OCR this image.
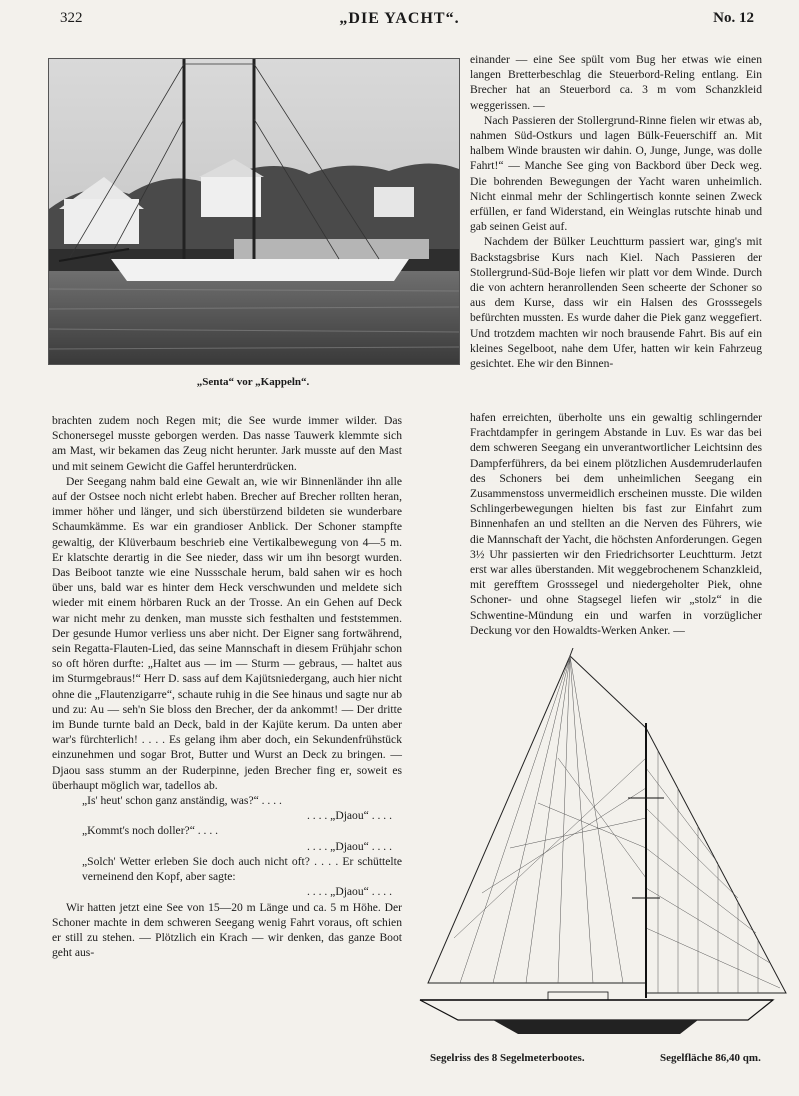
322	„DIE YACHT“.	No. 12
„Senta“ vor „Kappeln“.

brachten zudem noch Regen mit; die See wurde immer wilder. Das Schonersegel musste geborgen werden. Das nasse Tauwerk klemmte sich am Mast, wir bekamen das Zeug nicht herunter. Jark musste auf den Mast und mit seinem Gewicht die Gaffel herunterdrücken.

Der Seegang nahm bald eine Gewalt an, wie wir Binnenländer ihn alle auf der Ostsee noch nicht erlebt haben. Brecher auf Brecher rollten heran, immer höher und länger, und sich überstürzend bildeten sie wunderbare Schaumkämme. Es war ein grandioser Anblick. Der Schoner stampfte gewaltig, der Klüverbaum beschrieb eine Vertikalbewegung von 4—5 m. Er klatschte derartig in die See nieder, dass wir um ihn besorgt wurden. Das Beiboot tanzte wie eine Nussschale herum, bald sahen wir es hoch über uns, bald war es hinter dem Heck verschwunden und meldete sich wieder mit einem hörbaren Ruck an der Trosse. An ein Gehen auf Deck war nicht mehr zu denken, man musste sich festhalten und feststemmen. Der gesunde Humor verliess uns aber nicht. Der Eigner sang fortwährend, sein Regatta-Flauten-Lied, das seine Mannschaft in diesem Frühjahr schon so oft hören durfte: „Haltet aus — im — Sturm — gebraus, — haltet aus im Sturmgebraus!“ Herr D. sass auf dem Kajütsniedergang, auch hier nicht ohne die „Flautenzigarre“, schaute ruhig in die See hinaus und sagte nur ab und zu: Au — seh'n Sie bloss den Brecher, der da ankommt! — Der dritte im Bunde turnte bald an Deck, bald in der Kajüte kerum. Da unten aber war's fürchterlich! . . . . Es gelang ihm aber doch, ein Sekundenfrühstück einzunehmen und sogar Brot, Butter und Wurst an Deck zu bringen. — Djaou sass stumm an der Ruderpinne, jeden Brecher fing er, soweit es überhaupt möglich war, tadellos ab.

„Is' heut' schon ganz anständig, was?“ . . . .
. . . . „Djaou“ . . . .
„Kommt's noch doller?“ . . . .
. . . . „Djaou“ . . . .
„Solch' Wetter erleben Sie doch auch nicht oft? . . . . Er schüttelte verneinend den Kopf, aber sagte:
. . . . „Djaou“ . . . .

Wir hatten jetzt eine See von 15—20 m Länge und ca. 5 m Höhe. Der Schoner machte in dem schweren Seegang wenig Fahrt voraus, oft schien er still zu stehen. — Plötzlich ein Krach — wir denken, das ganze Boot geht aus-

einander — eine See spült vom Bug her etwas wie einen langen Bretterbeschlag die Steuerbord-Reling entlang. Ein Brecher hat an Steuerbord ca. 3 m vom Schanzkleid weggerissen. —

Nach Passieren der Stollergrund-Rinne fielen wir etwas ab, nahmen Süd-Ostkurs und lagen Bülk-Feuerschiff an. Mit halbem Winde brausten wir dahin. O, Junge, Junge, was dolle Fahrt!“ — Manche See ging von Backbord über Deck weg. Die bohrenden Bewegungen der Yacht waren unheimlich. Nicht einmal mehr der Schlingertisch konnte seinen Zweck erfüllen, er fand Widerstand, ein Weinglas rutschte hinab und gab seinen Geist auf.

Nachdem der Bülker Leuchtturm passiert war, ging's mit Backstagsbrise Kurs nach Kiel. Nach Passieren der Stollergrund-Süd-Boje liefen wir platt vor dem Winde. Durch die von achtern heranrollenden Seen scheerte der Schoner so aus dem Kurse, dass wir ein Halsen des Grosssegels befürchten mussten. Es wurde daher die Piek ganz weggefiert. Und trotzdem machten wir noch brausende Fahrt. Bis auf ein kleines Segelboot, nahe dem Ufer, hatten wir kein Fahrzeug gesichtet. Ehe wir den Binnen-

hafen erreichten, überholte uns ein gewaltig schlingernder Frachtdampfer in geringem Abstande in Luv. Es war das bei dem schweren Seegang ein unverantwortlicher Leichtsinn des Dampferführers, da bei einem plötzlichen Ausdemruderlaufen des Schoners bei dem unheimlichen Seegang ein Zusammenstoss unvermeidlich erscheinen musste. Die wilden Schlingerbewegungen hielten bis fast zur Einfahrt zum Binnenhafen an und stellten an die Nerven des Führers, wie die Mannschaft der Yacht, die höchsten Anforderungen. Gegen 3½ Uhr passierten wir den Friedrichsorter Leuchtturm. Jetzt erst war alles überstanden. Mit weggebrochenem Schanzkleid, mit gerefftem Grosssegel und niedergeholter Piek, ohne Schoner- und ohne Stagsegel liefen wir „stolz“ in die Schwentine-Mündung ein und warfen in vorzüglicher Deckung vor den Howaldts-Werken Anker. —

Segelriss des 8 Segelmeterbootes.	Segelfläche 86,40 qm.
